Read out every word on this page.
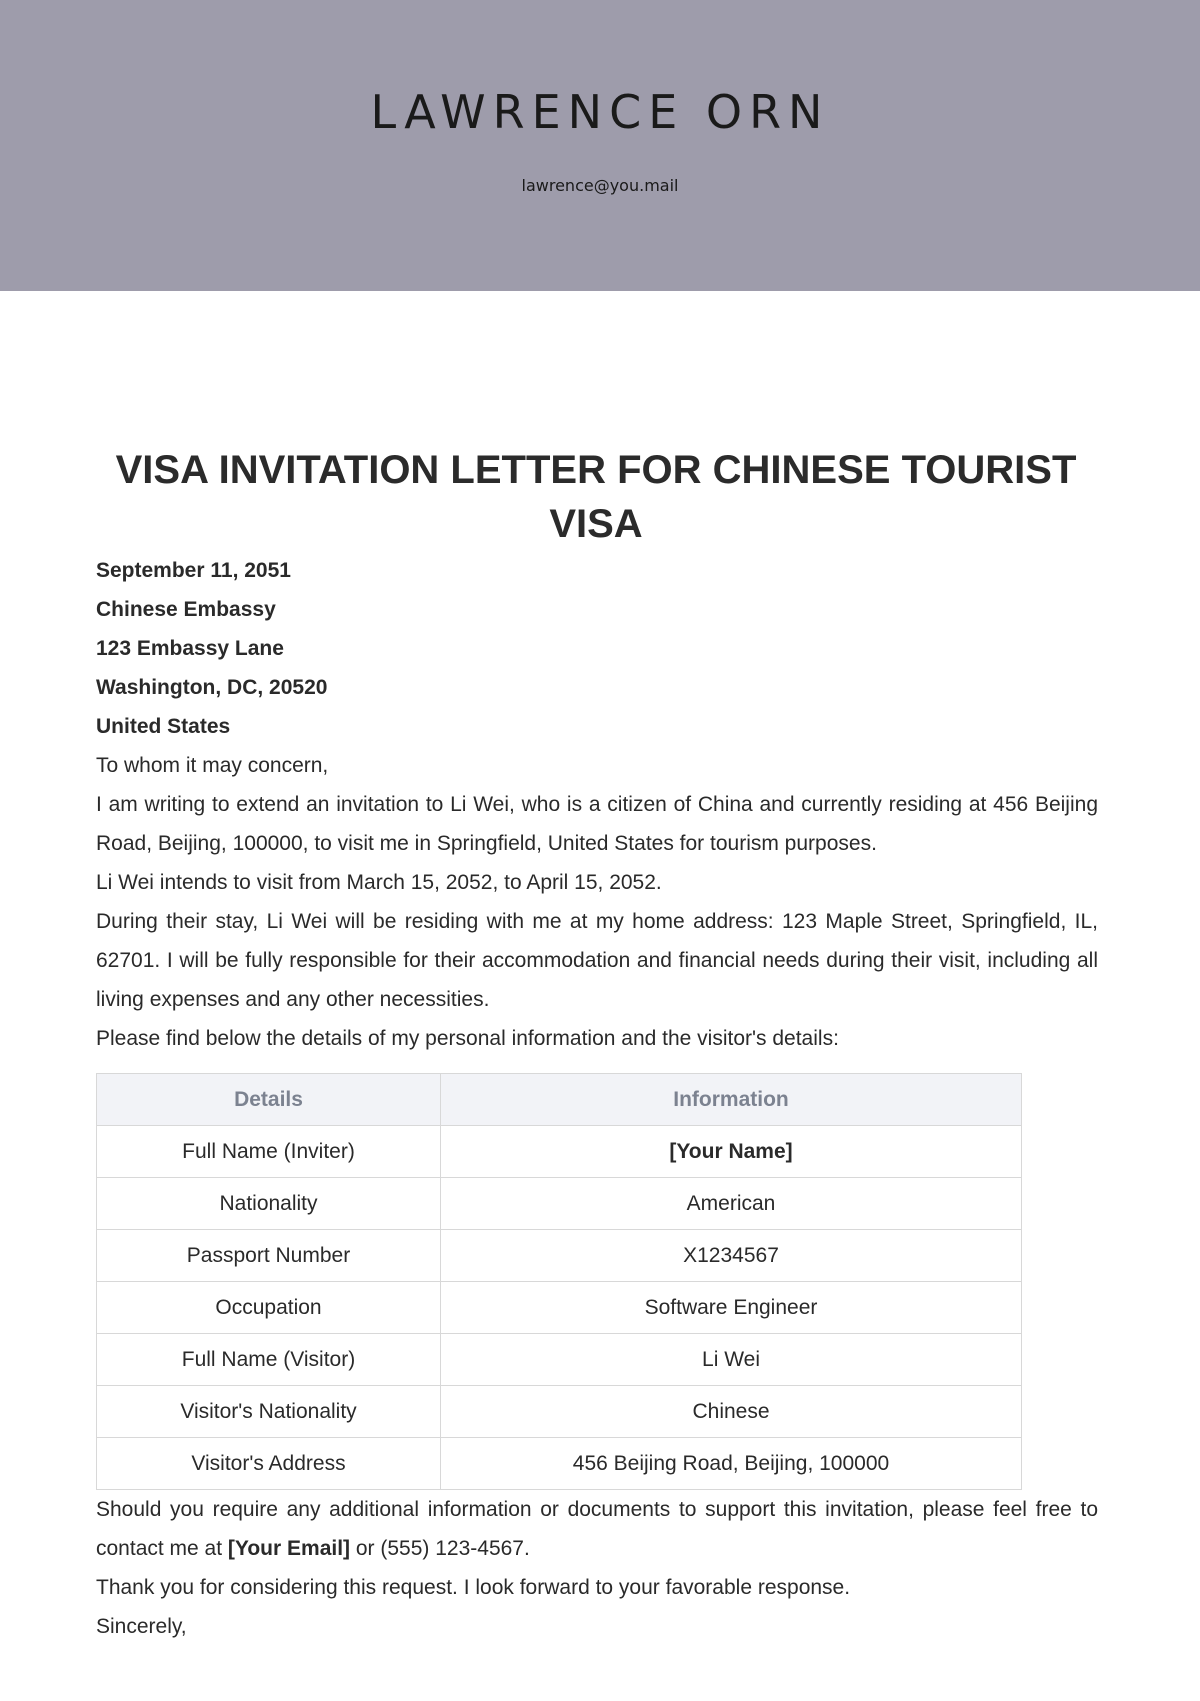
LAWRENCE ORN
lawrence@you.mail
VISA INVITATION LETTER FOR CHINESE TOURIST VISA

September 11, 2051

Chinese Embassy

123 Embassy Lane

Washington, DC, 20520

United States

To whom it may concern,

I am writing to extend an invitation to Li Wei, who is a citizen of China and currently residing at 456 Beijing Road, Beijing, 100000, to visit me in Springfield, United States for tourism purposes.

Li Wei intends to visit from March 15, 2052, to April 15, 2052.

During their stay, Li Wei will be residing with me at my home address: 123 Maple Street, Springfield, IL, 62701. I will be fully responsible for their accommodation and financial needs during their visit, including all living expenses and any other necessities.

Please find below the details of my personal information and the visitor's details:

Details	Information
Full Name (Inviter)	[Your Name]
Nationality	American
Passport Number	X1234567
Occupation	Software Engineer
Full Name (Visitor)	Li Wei
Visitor's Nationality	Chinese
Visitor's Address	456 Beijing Road, Beijing, 100000

Should you require any additional information or documents to support this invitation, please feel free to contact me at [Your Email] or (555) 123-4567.

Thank you for considering this request. I look forward to your favorable response.

Sincerely,
